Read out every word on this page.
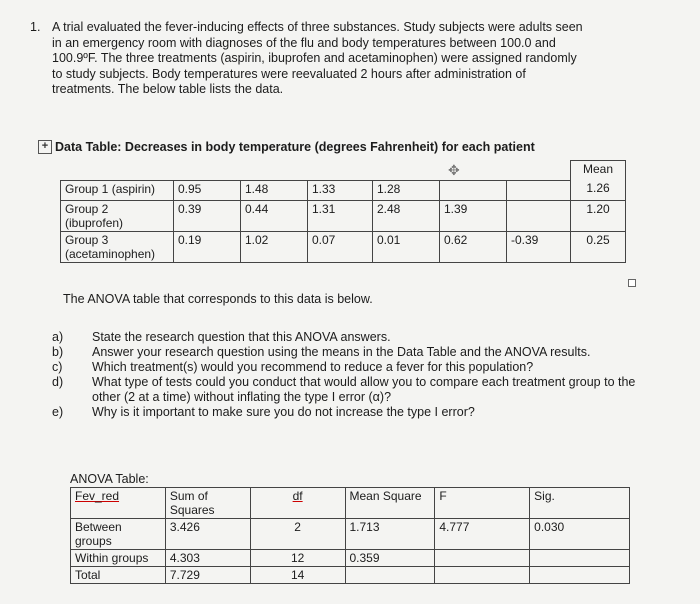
1. A trial evaluated the fever-inducing effects of three substances. Study subjects were adults seen
in an emergency room with diagnoses of the flu and body temperatures between 100.0 and
100.9ºF. The three treatments (aspirin, ibuprofen and acetaminophen) were assigned randomly
to study subjects. Body temperatures were reevaluated 2 hours after administration of
treatments. The below table lists the data.
+ Data Table: Decreases in body temperature (degrees Fahrenheit) for each patient
✥
								Mean
Group 1 (aspirin)	0.95	1.48	1.33	1.28			1.26
Group 2 (ibuprofen)	0.39	0.44	1.31	2.48	1.39		1.20
Group 3 (acetaminophen)	0.19	1.02	0.07	0.01	0.62	-0.39	0.25
The ANOVA table that corresponds to this data is below.
a)	State the research question that this ANOVA answers.
b)	Answer your research question using the means in the Data Table and the ANOVA results.
c)	Which treatment(s) would you recommend to reduce a fever for this population?
d)	What type of tests could you conduct that would allow you to compare each treatment group to the other (2 at a time) without inflating the type I error (α)?
e)	Why is it important to make sure you do not increase the type I error?
ANOVA Table:
Fev_red	Sum of Squares	df	Mean Square	F	Sig.
Between groups	3.426	2	1.713	4.777	0.030
Within groups	4.303	12	0.359		
Total	7.729	14			
